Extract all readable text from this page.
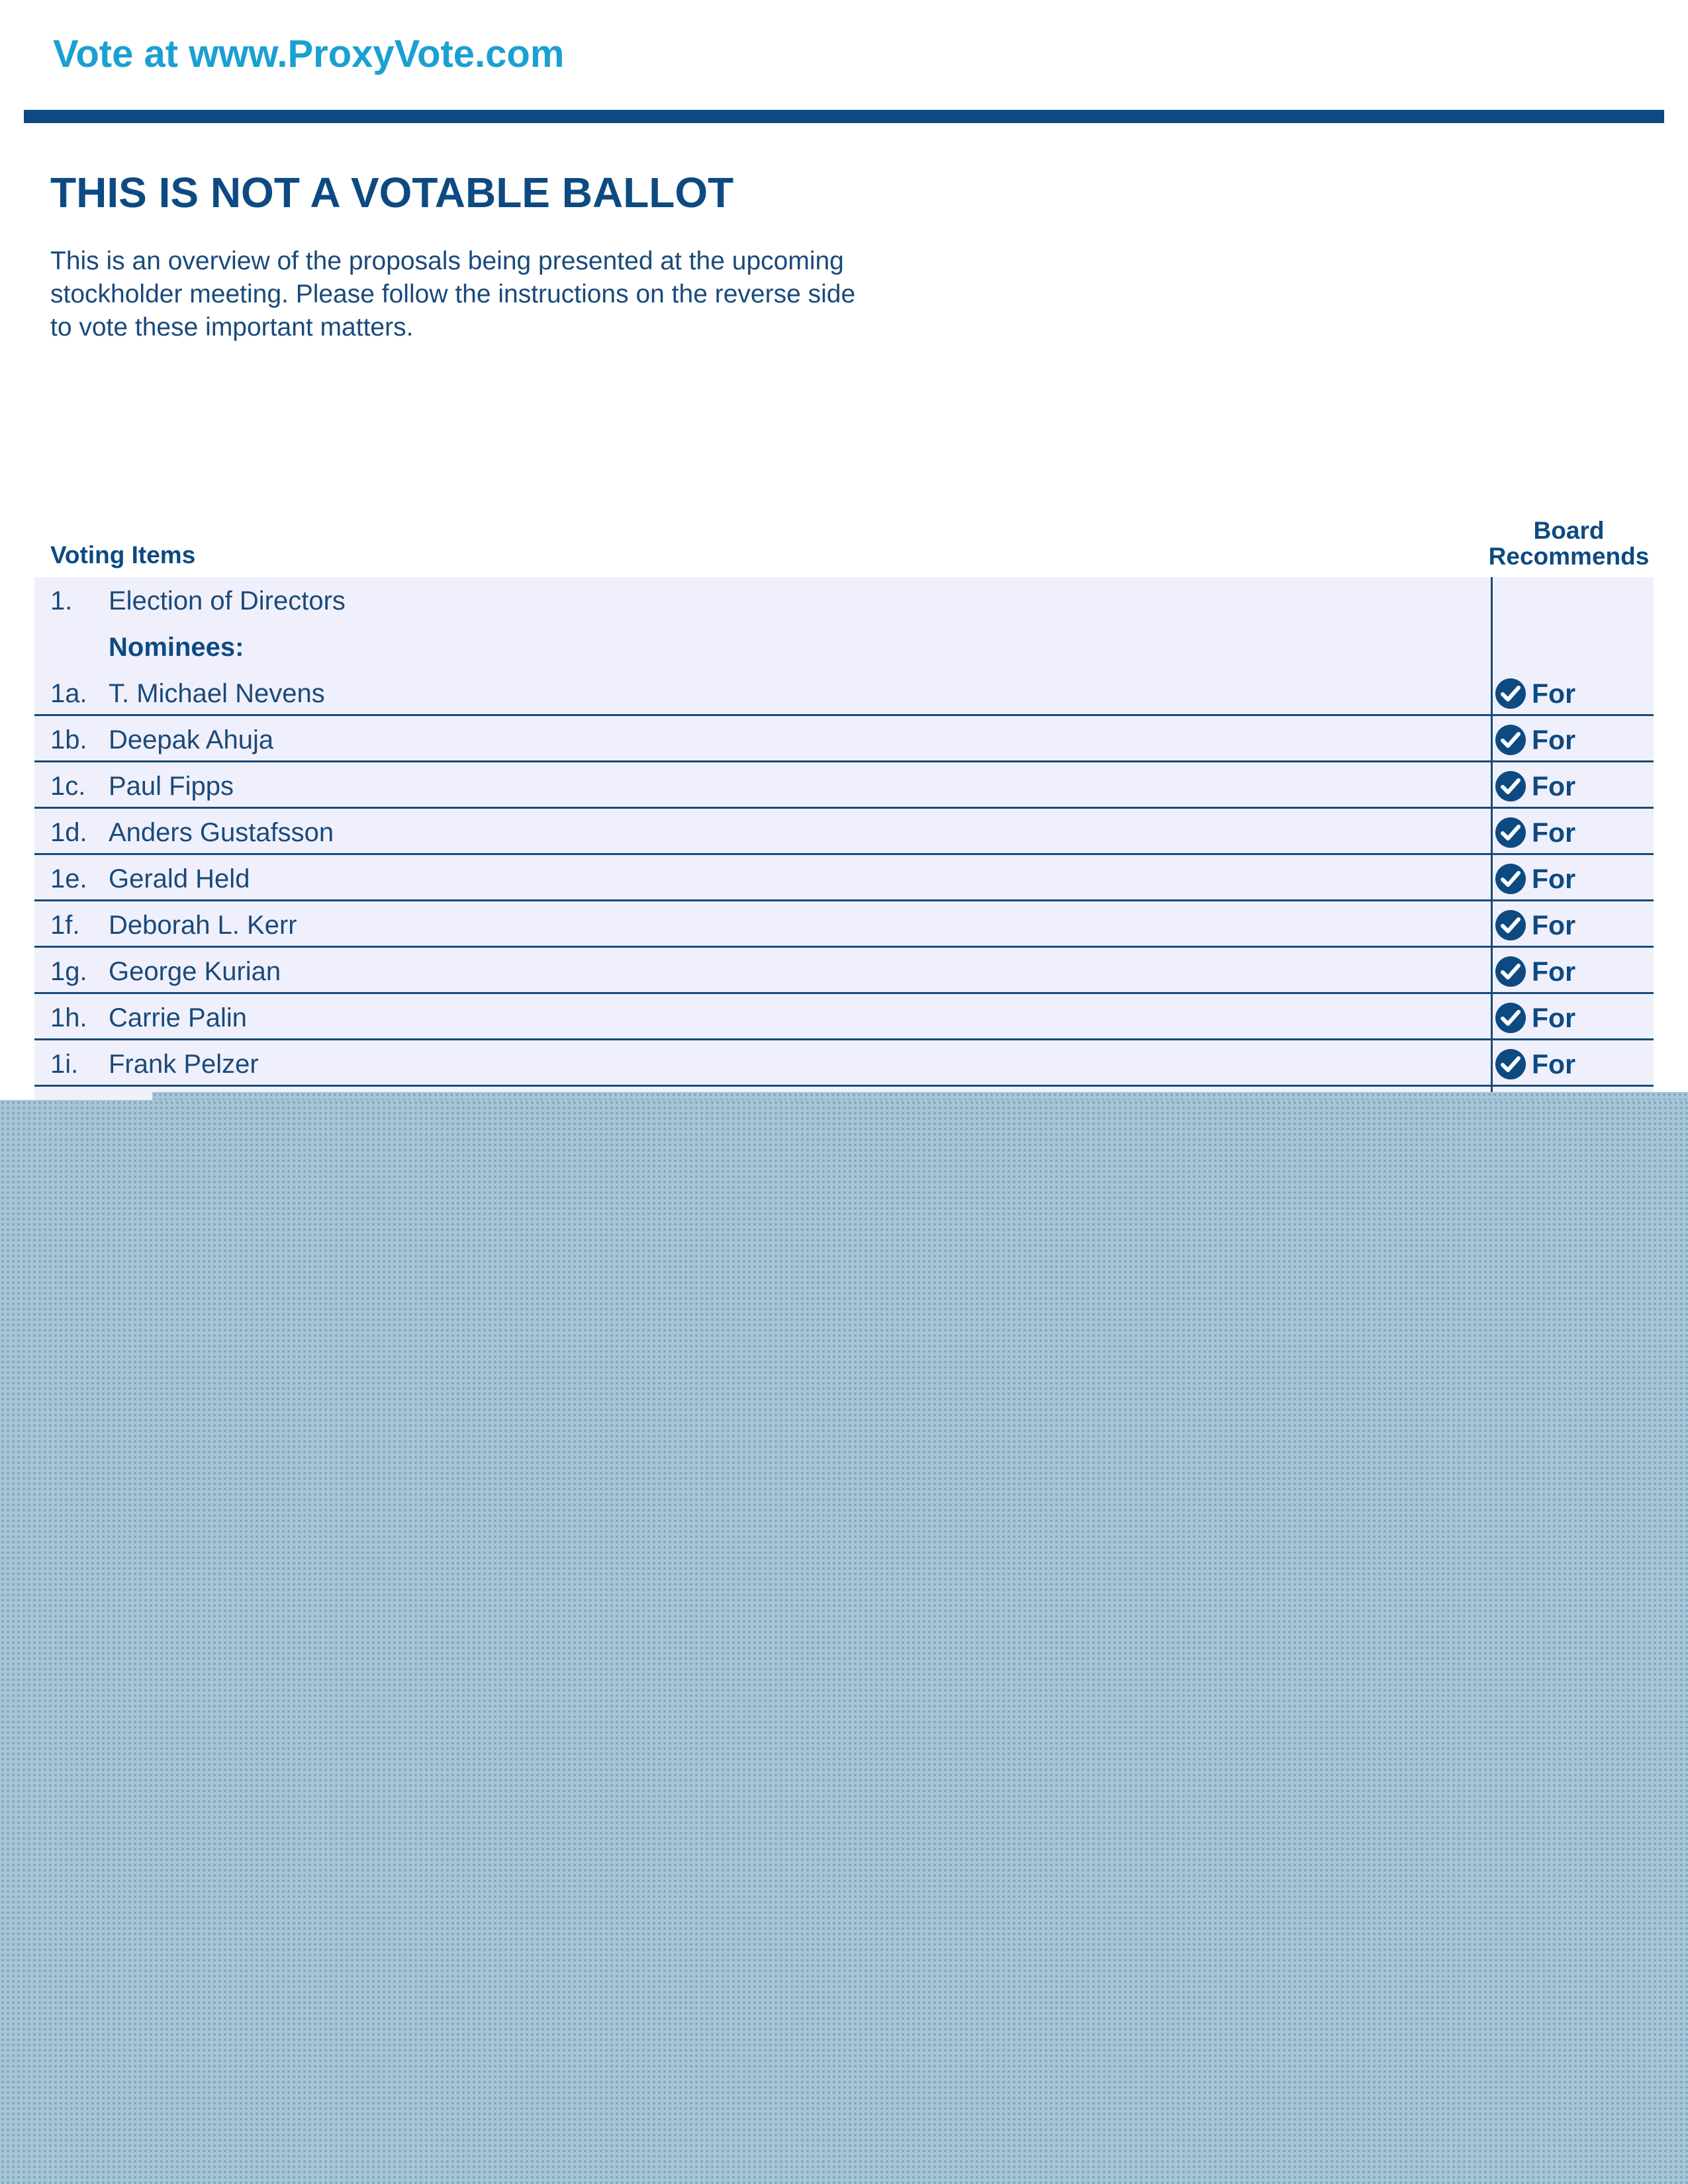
Vote at www.ProxyVote.com
THIS IS NOT A VOTABLE BALLOT
This is an overview of the proposals being presented at the upcoming stockholder meeting. Please follow the instructions on the reverse side to vote these important matters.
Voting Items
Board
Recommends
1. Election of Directors
Nominees:
1a. T. Michael Nevens	For
1b. Deepak Ahuja	For
1c. Paul Fipps	For
1d. Anders Gustafsson	For
1e. Gerald Held	For
1f. Deborah L. Kerr	For
1g. George Kurian	For
1h. Carrie Palin	For
1i. Frank Pelzer	For
